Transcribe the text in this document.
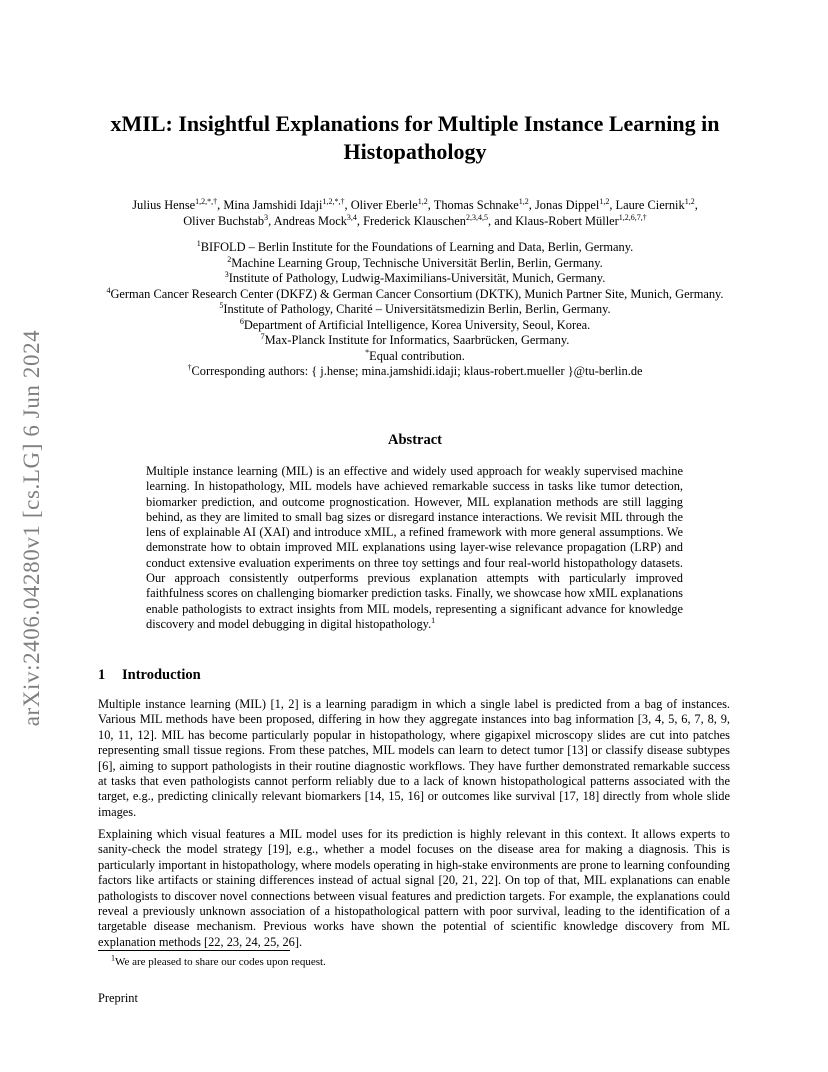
arXiv:2406.04280v1 [cs.LG] 6 Jun 2024
xMIL: Insightful Explanations for Multiple Instance Learning in
Histopathology
Julius Hense$^{1,2,*,\dagger}$, Mina Jamshidi Idaji$^{1,2,*,\dagger}$, Oliver Eberle$^{1,2}$, Thomas Schnake$^{1,2}$, Jonas Dippel$^{1,2}$, Laure Ciernik$^{1,2}$,
Oliver Buchstab$^3$, Andreas Mock$^{3,4}$, Frederick Klauschen$^{2,3,4,5}$, and Klaus-Robert Müller$^{1,2,6,7,\dagger}$
$^1$BIFOLD – Berlin Institute for the Foundations of Learning and Data, Berlin, Germany.
$^2$Machine Learning Group, Technische Universität Berlin, Berlin, Germany.
$^3$Institute of Pathology, Ludwig-Maximilians-Universität, Munich, Germany.
$^4$German Cancer Research Center (DKFZ) & German Cancer Consortium (DKTK), Munich Partner Site, Munich, Germany.
$^5$Institute of Pathology, Charité – Universitätsmedizin Berlin, Berlin, Germany.
$^6$Department of Artificial Intelligence, Korea University, Seoul, Korea.
$^7$Max-Planck Institute for Informatics, Saarbrücken, Germany.
*Equal contribution.
†Corresponding authors: { j.hense; mina.jamshidi.idaji; klaus-robert.mueller }@tu-berlin.de
Abstract
Multiple instance learning (MIL) is an effective and widely used approach for weakly supervised machine learning. In histopathology, MIL models have achieved remarkable success in tasks like tumor detection, biomarker prediction, and outcome prognostication. However, MIL explanation methods are still lagging behind, as they are limited to small bag sizes or disregard instance interactions. We revisit MIL through the lens of explainable AI (XAI) and introduce xMIL, a refined framework with more general assumptions. We demonstrate how to obtain improved MIL explanations using layer-wise relevance propagation (LRP) and conduct extensive evaluation experiments on three toy settings and four real-world histopathology datasets. Our approach consistently outperforms previous explanation attempts with particularly improved faithfulness scores on challenging biomarker prediction tasks. Finally, we showcase how xMIL explanations enable pathologists to extract insights from MIL models, representing a significant advance for knowledge discovery and model debugging in digital histopathology.$^1$
1 Introduction
Multiple instance learning (MIL) [1, 2] is a learning paradigm in which a single label is predicted from a bag of instances. Various MIL methods have been proposed, differing in how they aggregate instances into bag information [3, 4, 5, 6, 7, 8, 9, 10, 11, 12]. MIL has become particularly popular in histopathology, where gigapixel microscopy slides are cut into patches representing small tissue regions. From these patches, MIL models can learn to detect tumor [13] or classify disease subtypes [6], aiming to support pathologists in their routine diagnostic workflows. They have further demonstrated remarkable success at tasks that even pathologists cannot perform reliably due to a lack of known histopathological patterns associated with the target, e.g., predicting clinically relevant biomarkers [14, 15, 16] or outcomes like survival [17, 18] directly from whole slide images.
Explaining which visual features a MIL model uses for its prediction is highly relevant in this context. It allows experts to sanity-check the model strategy [19], e.g., whether a model focuses on the disease area for making a diagnosis. This is particularly important in histopathology, where models operating in high-stake environments are prone to learning confounding factors like artifacts or staining differences instead of actual signal [20, 21, 22]. On top of that, MIL explanations can enable pathologists to discover novel connections between visual features and prediction targets. For example, the explanations could reveal a previously unknown association of a histopathological pattern with poor survival, leading to the identification of a targetable disease mechanism. Previous works have shown the potential of scientific knowledge discovery from ML explanation methods [22, 23, 24, 25, 26].
$^1$We are pleased to share our codes upon request.
Preprint
